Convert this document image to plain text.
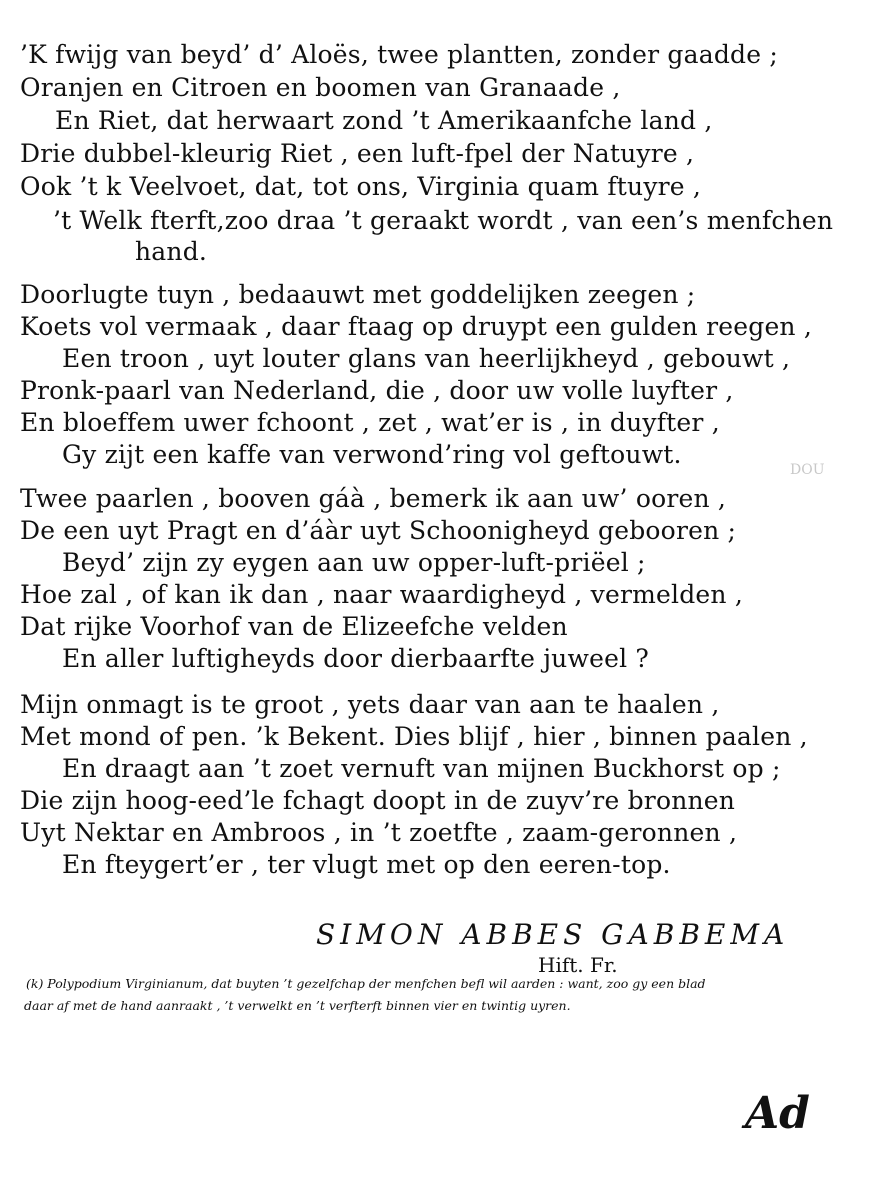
DOU
’K fwijg van beyd’ d’ Aloës, twee plantten, zonder gaadde ;
Oranjen en Citroen en boomen van Granaade ,
En Riet, dat herwaart zond ’t Amerikaanfche land ,
Drie dubbel-kleurig Riet , een luft-fpel der Natuyre ,
Ook ’t k Veelvoet, dat, tot ons, Virginia quam ftuyre ,
’t Welk fterft,zoo draa ’t geraakt wordt , van een’s menfchen
hand.
Doorlugte tuyn , bedaauwt met goddelijken zeegen ;
Koets vol vermaak , daar ftaag op druypt een gulden reegen ,
Een troon , uyt louter glans van heerlijkheyd , gebouwt ,
Pronk-paarl van Nederland, die , door uw volle luyfter ,
En bloeffem uwer fchoont , zet , wat’er is , in duyfter ,
Gy zijt een kaffe van verwond’ring vol geftouwt.
Twee paarlen , booven gáà , bemerk ik aan uw’ ooren ,
De een uyt Pragt en d’áàr uyt Schoonigheyd gebooren ;
Beyd’ zijn zy eygen aan uw opper-luft-priëel ;
Hoe zal , of kan ik dan , naar waardigheyd , vermelden ,
Dat rijke Voorhof van de Elizeefche velden
En aller luftigheyds door dierbaarfte juweel ?
Mijn onmagt is te groot , yets daar van aan te haalen ,
Met mond of pen. ’k Bekent. Dies blijf , hier , binnen paalen ,
En draagt aan ’t zoet vernuft van mijnen Buckhorst op ;
Die zijn hoog-eed’le fchagt doopt in de zuyv’re bronnen
Uyt Nektar en Ambroos , in ’t zoetfte , zaam-geronnen ,
En fteygert’er , ter vlugt met op den eeren-top.
SIMON ABBES GABBEMA
Hift. Fr.
(k) Polypodium Virginianum, dat buyten ’t gezelfchap der menfchen befl wil aarden : want, zoo gy een blad
daar af met de hand aanraakt , ’t verwelkt en ’t verfterft binnen vier en twintig uyren.
Ad
